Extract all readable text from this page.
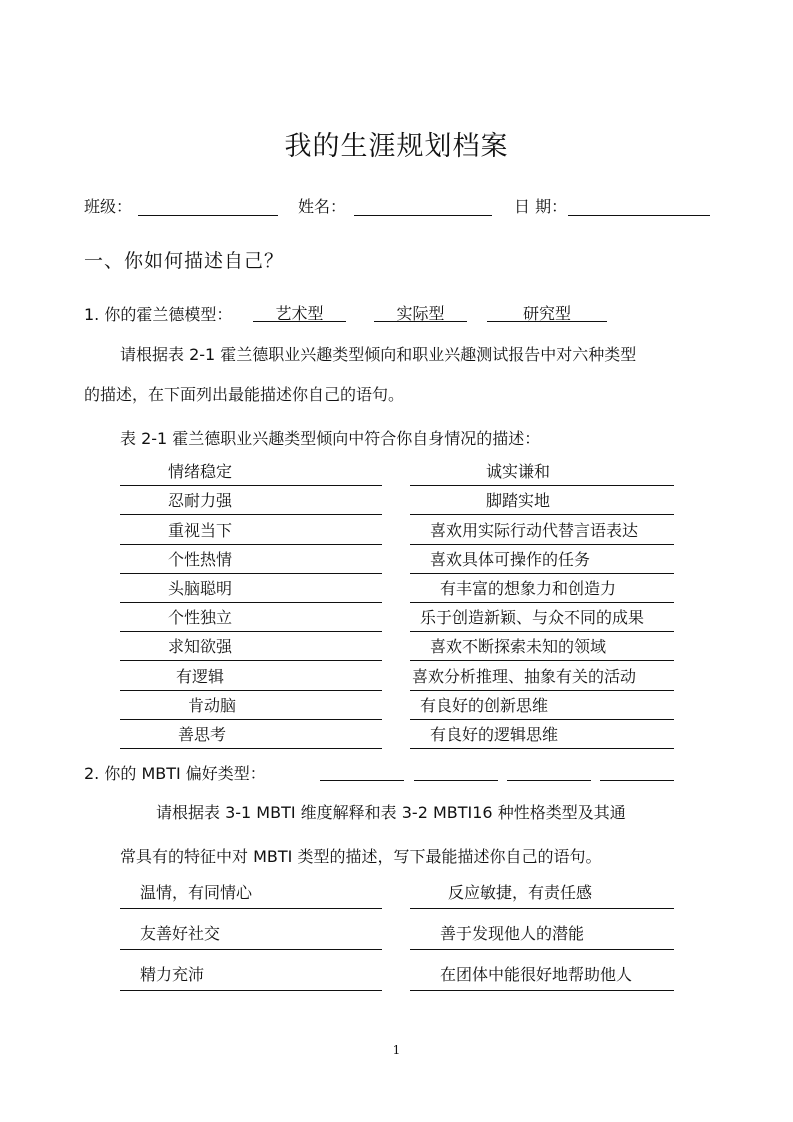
我的生涯规划档案
班级：	姓名：	日 期：
一、你如何描述自己？
1. 你的霍兰德模型：	艺术型	实际型	研究型
请根据表 2-1 霍兰德职业兴趣类型倾向和职业兴趣测试报告中对六种类型
的描述，在下面列出最能描述你自己的语句。
表 2-1 霍兰德职业兴趣类型倾向中符合你自身情况的描述：
情绪稳定	诚实谦和
忍耐力强	脚踏实地
重视当下	喜欢用实际行动代替言语表达
个性热情	喜欢具体可操作的任务
头脑聪明	有丰富的想象力和创造力
个性独立	乐于创造新颖、与众不同的成果
求知欲强	喜欢不断探索未知的领域
有逻辑	喜欢分析推理、抽象有关的活动
肯动脑	有良好的创新思维
善思考	有良好的逻辑思维
2. 你的 MBTI 偏好类型：
请根据表 3-1 MBTI 维度解释和表 3-2 MBTI16 种性格类型及其通
常具有的特征中对 MBTI 类型的描述，写下最能描述你自己的语句。
温情，有同情心	反应敏捷，有责任感
友善好社交	善于发现他人的潜能
精力充沛	在团体中能很好地帮助他人
1
